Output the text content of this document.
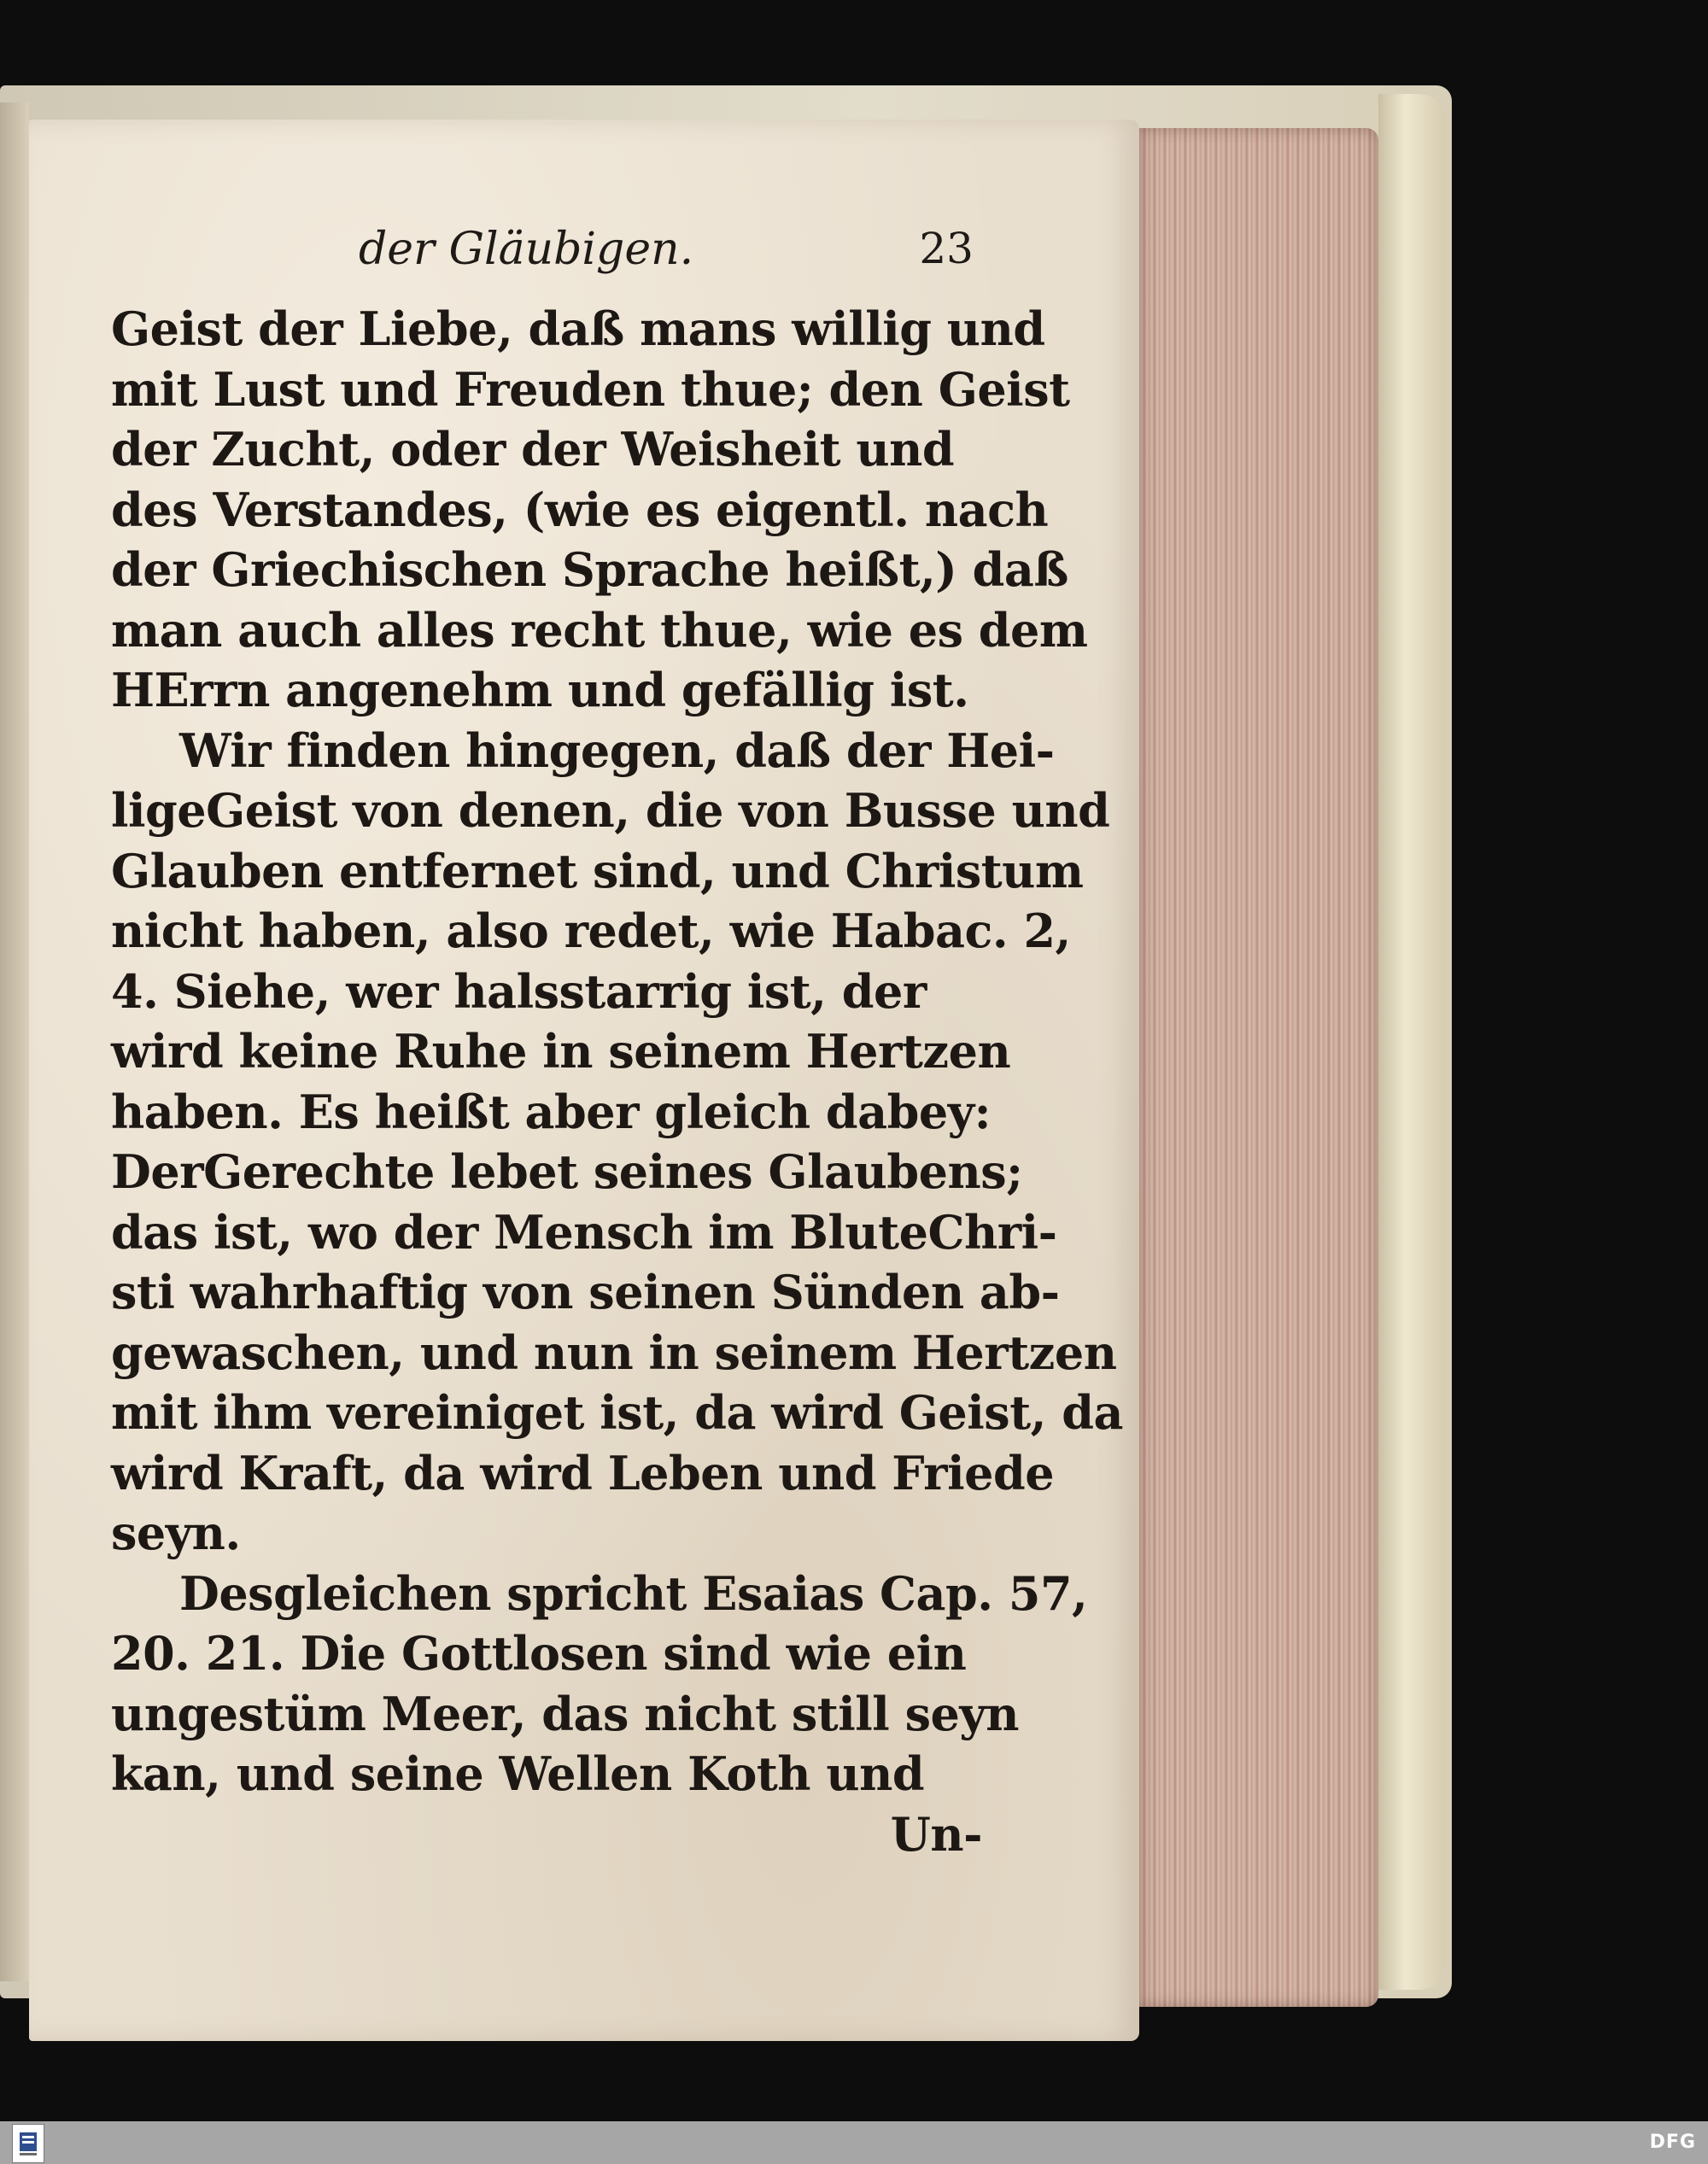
der Gläubigen.	23
Geist der Liebe, daß mans willig und
mit Lust und Freuden thue; den Geist
der Zucht, oder der Weisheit und
des Verstandes, (wie es eigentl. nach
der Griechischen Sprache heißt,) daß
man auch alles recht thue, wie es dem
HErrn angenehm und gefällig ist.
Wir finden hingegen, daß der Hei-
ligeGeist von denen, die von Busse und
Glauben entfernet sind, und Christum
nicht haben, also redet, wie Habac. 2,
4. Siehe, wer halsstarrig ist, der
wird keine Ruhe in seinem Hertzen
haben. Es heißt aber gleich dabey:
DerGerechte lebet seines Glaubens;
das ist, wo der Mensch im BluteChri-
sti wahrhaftig von seinen Sünden ab-
gewaschen, und nun in seinem Hertzen
mit ihm vereiniget ist, da wird Geist, da
wird Kraft, da wird Leben und Friede
seyn.
Desgleichen spricht Esaias Cap. 57,
20. 21. Die Gottlosen sind wie ein
ungestüm Meer, das nicht still seyn
kan, und seine Wellen Koth und
Un-
DFG
